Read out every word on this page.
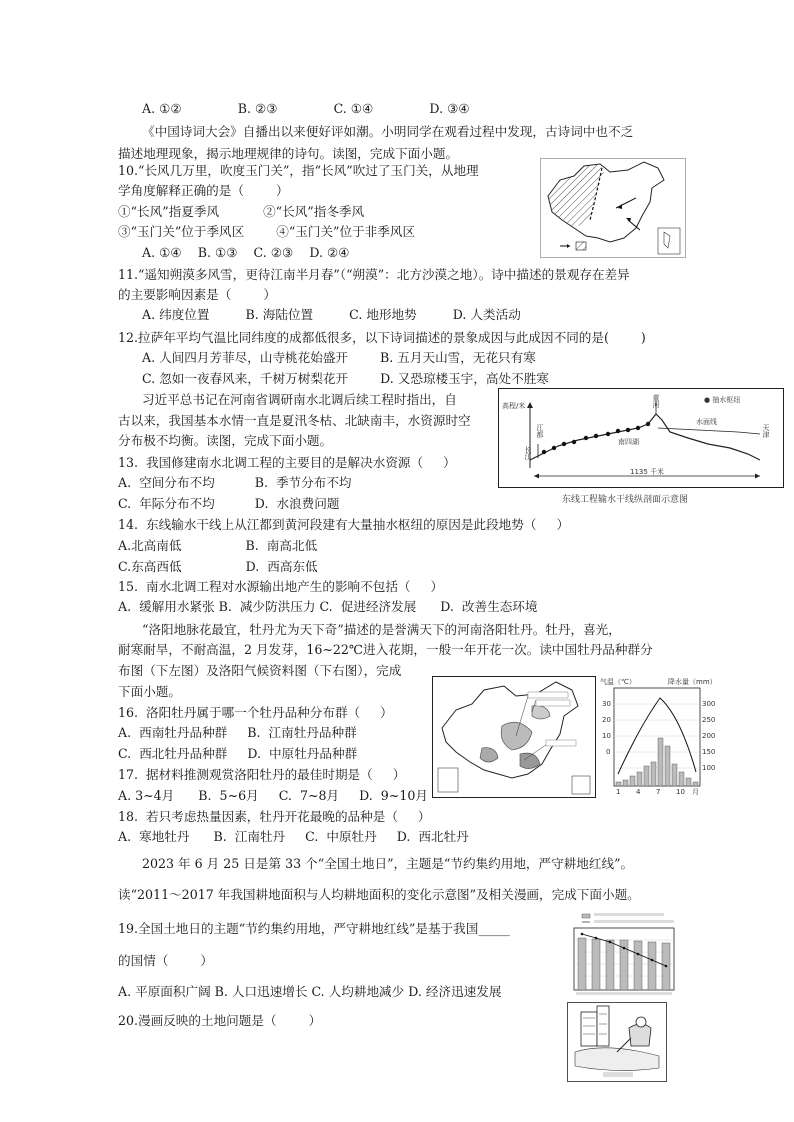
A. ①②              B. ②③              C. ①④              D. ③④
《中国诗词大会》自播出以来便好评如潮。小明同学在观看过程中发现，古诗词中也不乏
描述地理现象，揭示地理规律的诗句。读图，完成下面小题。
10.“长风几万里，吹度玉门关”，指“长风”吹过了玉门关，从地理
学角度解释正确的是（        ）
①“长风”指夏季风           ②“长风”指冬季风
③“玉门关”位于季风区        ④“玉门关”位于非季风区
A. ①④    B. ①③    C. ②③    D. ②④
11.“遥知朔漠多风雪，更待江南半月春”（“朔漠”：北方沙漠之地）。诗中描述的景观存在差异
的主要影响因素是（        ）
A. 纬度位置         B. 海陆位置         C. 地形地势         D. 人类活动
12.拉萨年平均气温比同纬度的成都低很多，以下诗词描述的景象成因与此成因不同的是(        )
A. 人间四月芳菲尽，山寺桃花始盛开        B. 五月天山雪，无花只有寒
C. 忽如一夜春风来，千树万树梨花开        D. 又恐琼楼玉宇，高处不胜寒
习近平总书记在河南省调研南水北调后续工程时指出，自
古以来，我国基本水情一直是夏汛冬枯、北缺南丰，水资源时空
分布极不均衡。读图，完成下面小题。
13.  我国修建南水北调工程的主要目的是解决水资源（     ）
A.  空间分布不均          B.  季节分布不均
C.  年际分布不均          D.  水浪费问题
14.  东线输水干线上从江都到黄河段建有大量抽水枢纽的原因是此段地势（     ）
A.北高南低                B.  南高北低
C.东高西低                D.  西高东低
15.  南水北调工程对水源输出地产生的影响不包括（     ）
A.  缓解用水紧张 B.  减少防洪压力 C.  促进经济发展      D.  改善生态环境
“洛阳地脉花最宜，牡丹尤为天下奇”描述的是誉满天下的河南洛阳牡丹。牡丹，喜光，
耐寒耐旱，不耐高温，2 月发芽，16~22℃进入花期，一般一年开花一次。读中国牡丹品种群分
布图（下左图）及洛阳气候资料图（下右图），完成
下面小题。
16.  洛阳牡丹属于哪一个牡丹品种分布群（     ）
A.  西南牡丹品种群     B.  江南牡丹品种群
C.  西北牡丹品种群     D.  中原牡丹品种群
17.  据材料推测观赏洛阳牡丹的最佳时期是（     ）
A. 3~4月      B.  5~6月     C.  7~8月     D.  9~10月
18.  若只考虑热量因素，牡丹开花最晚的品种是（     ）
A.  寒地牡丹      B.  江南牡丹     C.  中原牡丹     D.  西北牡丹
2023 年 6 月 25 日是第 33 个“全国土地日”，主题是“节约集约用地，严守耕地红线”。
读“2011～2017 年我国耕地面积与人均耕地面积的变化示意图”及相关漫画，完成下面小题。
19.全国土地日的主题“节约集约用地，严守耕地红线”是基于我国_____
的国情（        ）
A. 平原面积广阔 B. 人口迅速增长 C. 人均耕地减少 D. 经济迅速发展
20.漫画反映的土地问题是（        ）
高程/米
● 抽水枢纽
江都
长江
黄河
南四湖
天津
水面线
1135 千米
东线工程输水干线纵剖面示意图
气温（℃）	降水量（mm）
30
20
10
0
300
250
200
150
100
1 4 7 10 月
